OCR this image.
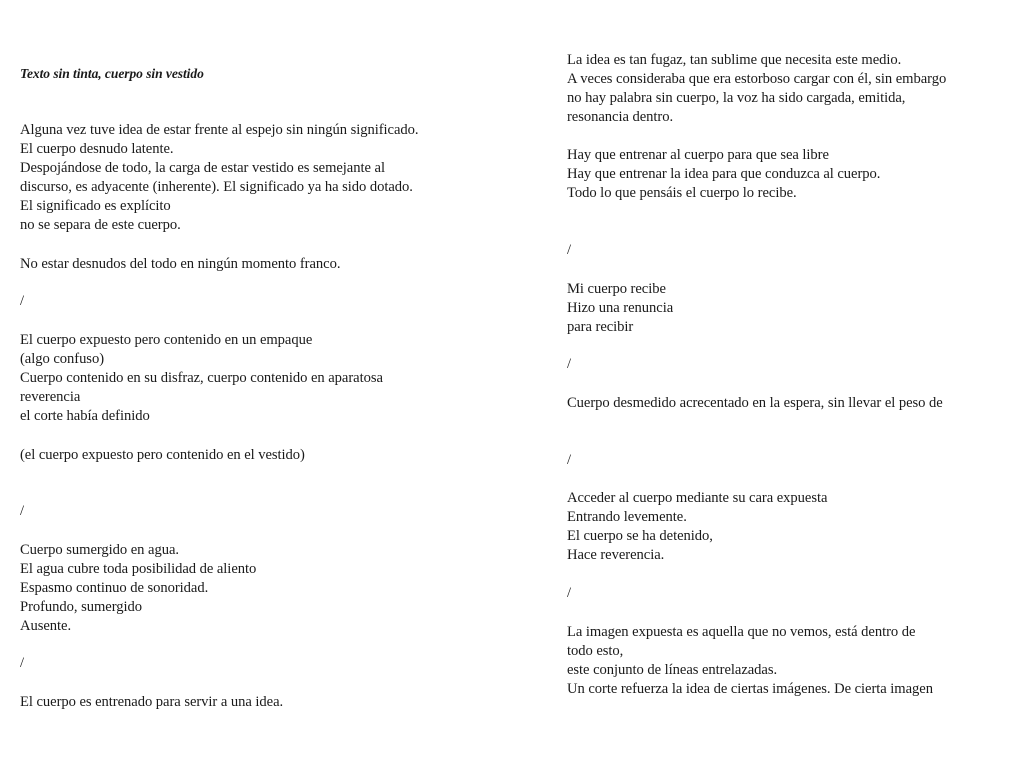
Texto sin tinta, cuerpo sin vestido
Alguna vez tuve idea de estar frente al espejo sin ningún significado.
El cuerpo desnudo latente.
Despojándose de todo, la carga de estar vestido es semejante al
discurso, es adyacente (inherente). El significado ya ha sido dotado.
El significado es explícito
no se separa de este cuerpo.
No estar desnudos del todo en ningún momento franco.
/
El cuerpo expuesto pero contenido en un empaque
(algo confuso)
Cuerpo contenido en su disfraz, cuerpo contenido en aparatosa
reverencia
el corte había definido
(el cuerpo expuesto pero contenido en el vestido)
/
Cuerpo sumergido en agua.
El agua cubre toda posibilidad de aliento
Espasmo continuo de sonoridad.
Profundo, sumergido
Ausente.
/
El cuerpo es entrenado para servir a una idea.
La idea es tan fugaz, tan sublime que necesita este medio.
A veces consideraba que era estorboso cargar con él, sin embargo
no hay palabra sin cuerpo, la voz ha sido cargada, emitida,
resonancia dentro.
Hay que entrenar al cuerpo para que sea libre
Hay que entrenar la idea para que conduzca al cuerpo.
Todo lo que pensáis el cuerpo lo recibe.
/
Mi cuerpo recibe
Hizo una renuncia
para recibir
/
Cuerpo desmedido acrecentado en la espera, sin llevar el peso de
/
Acceder al cuerpo mediante su cara expuesta
Entrando levemente.
El cuerpo se ha detenido,
Hace reverencia.
/
La imagen expuesta es aquella que no vemos, está dentro de
todo esto,
este conjunto de líneas entrelazadas.
Un corte refuerza la idea de ciertas imágenes. De cierta imagen
